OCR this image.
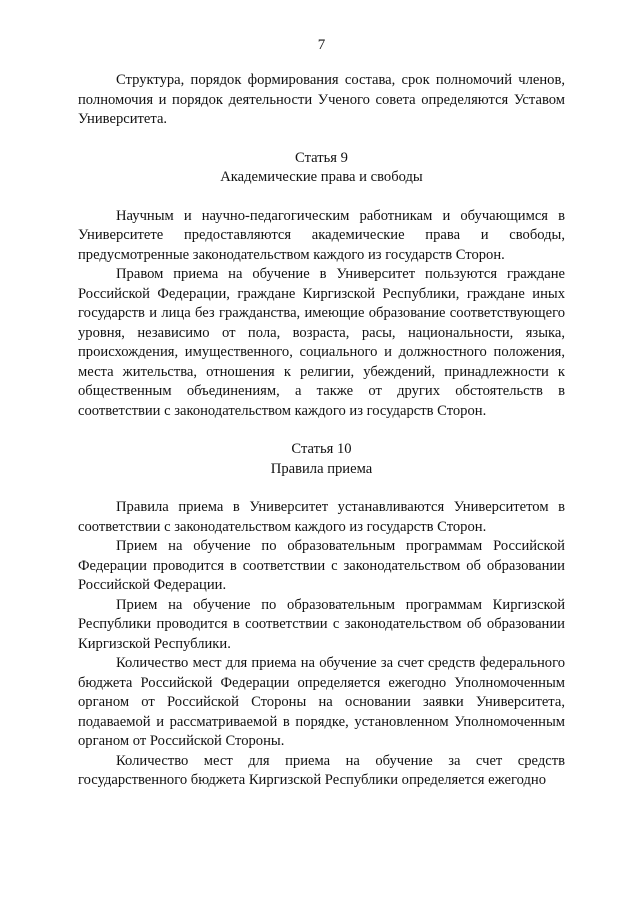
7

Структура, порядок формирования состава, срок полномочий членов, полномочия и порядок деятельности Ученого совета определяются Уставом Университета.

Статья 9
Академические права и свободы

Научным и научно-педагогическим работникам и обучающимся в Университете предоставляются академические права и свободы, предусмотренные законодательством каждого из государств Сторон.

Правом приема на обучение в Университет пользуются граждане Российской Федерации, граждане Киргизской Республики, граждане иных государств и лица без гражданства, имеющие образование соответствующего уровня, независимо от пола, возраста, расы, национальности, языка, происхождения, имущественного, социального и должностного положения, места жительства, отношения к религии, убеждений, принадлежности к общественным объединениям, а также от других обстоятельств в соответствии с законодательством каждого из государств Сторон.

Статья 10
Правила приема

Правила приема в Университет устанавливаются Университетом в соответствии с законодательством каждого из государств Сторон.

Прием на обучение по образовательным программам Российской Федерации проводится в соответствии с законодательством об образовании Российской Федерации.

Прием на обучение по образовательным программам Киргизской Республики проводится в соответствии с законодательством об образовании Киргизской Республики.

Количество мест для приема на обучение за счет средств федерального бюджета Российской Федерации определяется ежегодно Уполномоченным органом от Российской Стороны на основании заявки Университета, подаваемой и рассматриваемой в порядке, установленном Уполномоченным органом от Российской Стороны.

Количество мест для приема на обучение за счет средств государственного бюджета Киргизской Республики определяется ежегодно
